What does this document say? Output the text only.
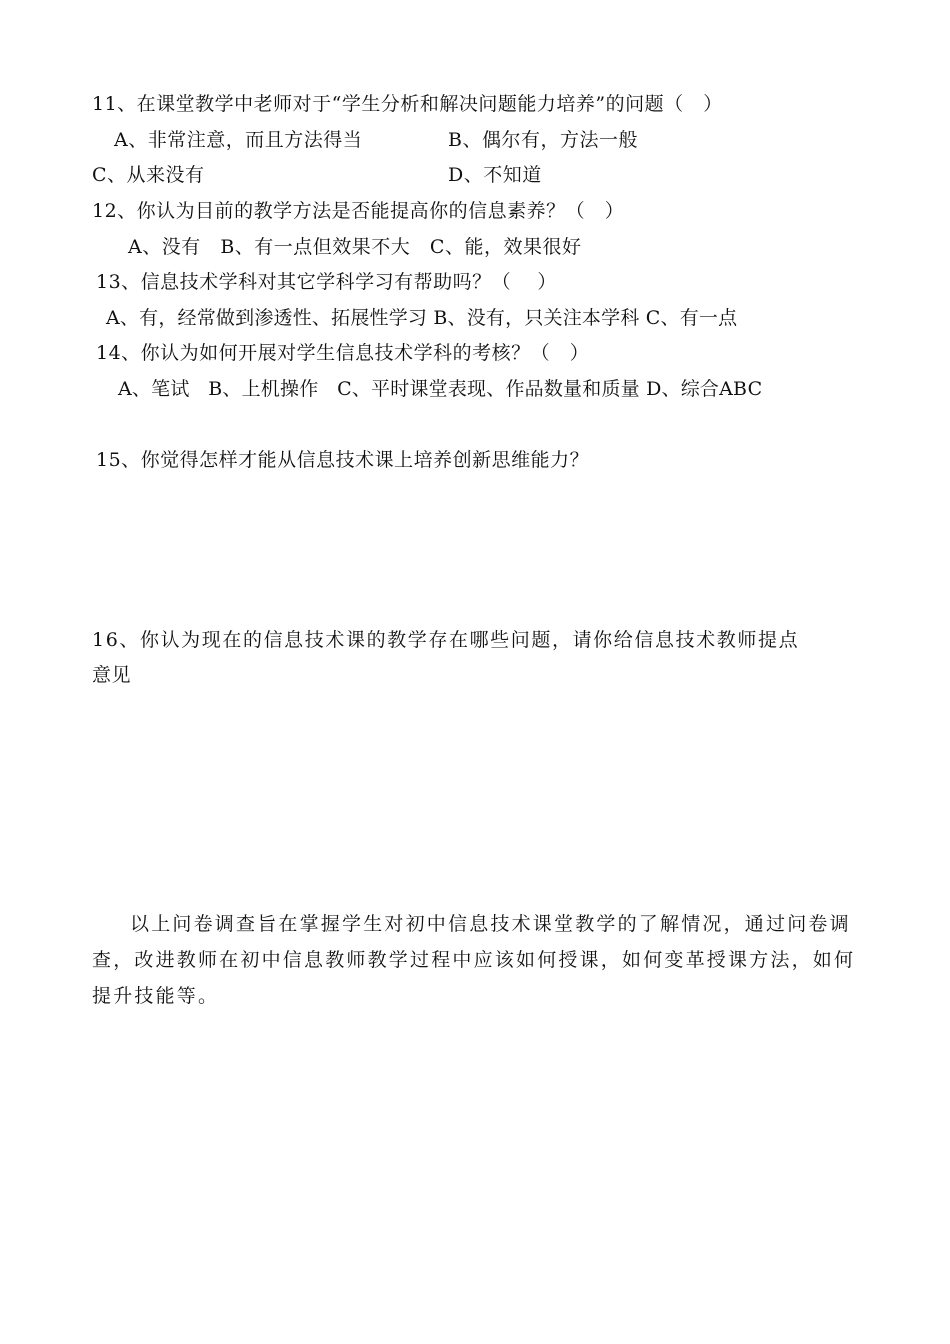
11、在课堂教学中老师对于“学生分析和解决问题能力培养”的问题（   ）
A、非常注意，而且方法得当	B、偶尔有，方法一般
C、从来没有	D、不知道
12、你认为目前的教学方法是否能提高你的信息素养？（   ）
A、没有   B、有一点但效果不大   C、能，效果很好
13、信息技术学科对其它学科学习有帮助吗？（    ）
A、有，经常做到渗透性、拓展性学习 B、没有，只关注本学科 C、有一点
14、你认为如何开展对学生信息技术学科的考核？（   ）
A、笔试   B、上机操作   C、平时课堂表现、作品数量和质量 D、综合ABC
15、你觉得怎样才能从信息技术课上培养创新思维能力？
16、你认为现在的信息技术课的教学存在哪些问题，请你给信息技术教师提点
意见
以上问卷调查旨在掌握学生对初中信息技术课堂教学的了解情况，通过问卷调查，改进教师在初中信息教师教学过程中应该如何授课，如何变革授课方法，如何提升技能等。
